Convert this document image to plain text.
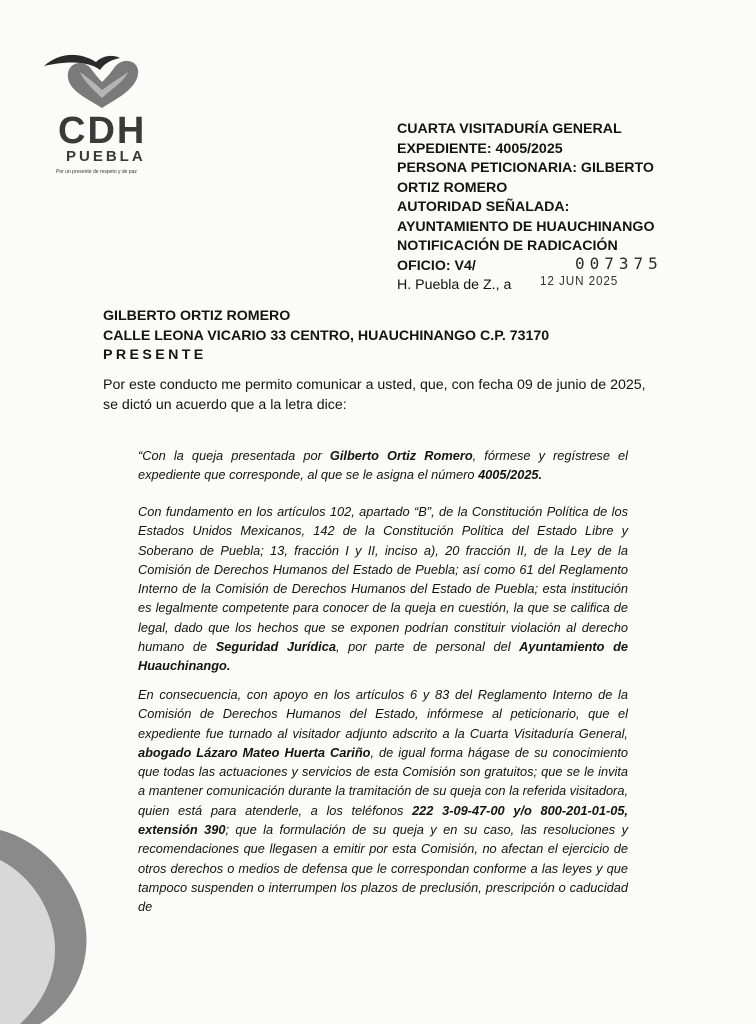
CDH
PUEBLA
Por un presente de respeto y de paz
CUARTA VISITADURÍA GENERAL
EXPEDIENTE: 4005/2025
PERSONA PETICIONARIA: GILBERTO
ORTIZ ROMERO
AUTORIDAD SEÑALADA:
AYUNTAMIENTO DE HUAUCHINANGO
NOTIFICACIÓN DE RADICACIÓN
OFICIO: V4/
H. Puebla de Z., a
007375
12 JUN 2025
GILBERTO ORTIZ ROMERO
CALLE LEONA VICARIO 33 CENTRO, HUAUCHINANGO C.P. 73170
PRESENTE
Por este conducto me permito comunicar a usted, que, con fecha 09 de junio de 2025, se dictó un acuerdo que a la letra dice:
“Con la queja presentada por Gilberto Ortiz Romero, fórmese y regístrese el expediente que corresponde, al que se le asigna el número 4005/2025.
Con fundamento en los artículos 102, apartado “B”, de la Constitución Política de los Estados Unidos Mexicanos, 142 de la Constitución Política del Estado Libre y Soberano de Puebla; 13, fracción I y II, inciso a), 20 fracción II, de la Ley de la Comisión de Derechos Humanos del Estado de Puebla; así como 61 del Reglamento Interno de la Comisión de Derechos Humanos del Estado de Puebla; esta institución es legalmente competente para conocer de la queja en cuestión, la que se califica de legal, dado que los hechos que se exponen podrían constituir violación al derecho humano de Seguridad Jurídica, por parte de personal del Ayuntamiento de Huauchinango.
En consecuencia, con apoyo en los artículos 6 y 83 del Reglamento Interno de la Comisión de Derechos Humanos del Estado, infórmese al peticionario, que el expediente fue turnado al visitador adjunto adscrito a la Cuarta Visitaduría General, abogado Lázaro Mateo Huerta Cariño, de igual forma hágase de su conocimiento que todas las actuaciones y servicios de esta Comisión son gratuitos; que se le invita a mantener comunicación durante la tramitación de su queja con la referida visitadora, quien está para atenderle, a los teléfonos 222 3-09-47-00 y/o 800-201-01-05, extensión 390; que la formulación de su queja y en su caso, las resoluciones y recomendaciones que llegasen a emitir por esta Comisión, no afectan el ejercicio de otros derechos o medios de defensa que le correspondan conforme a las leyes y que tampoco suspenden o interrumpen los plazos de preclusión, prescripción o caducidad de
